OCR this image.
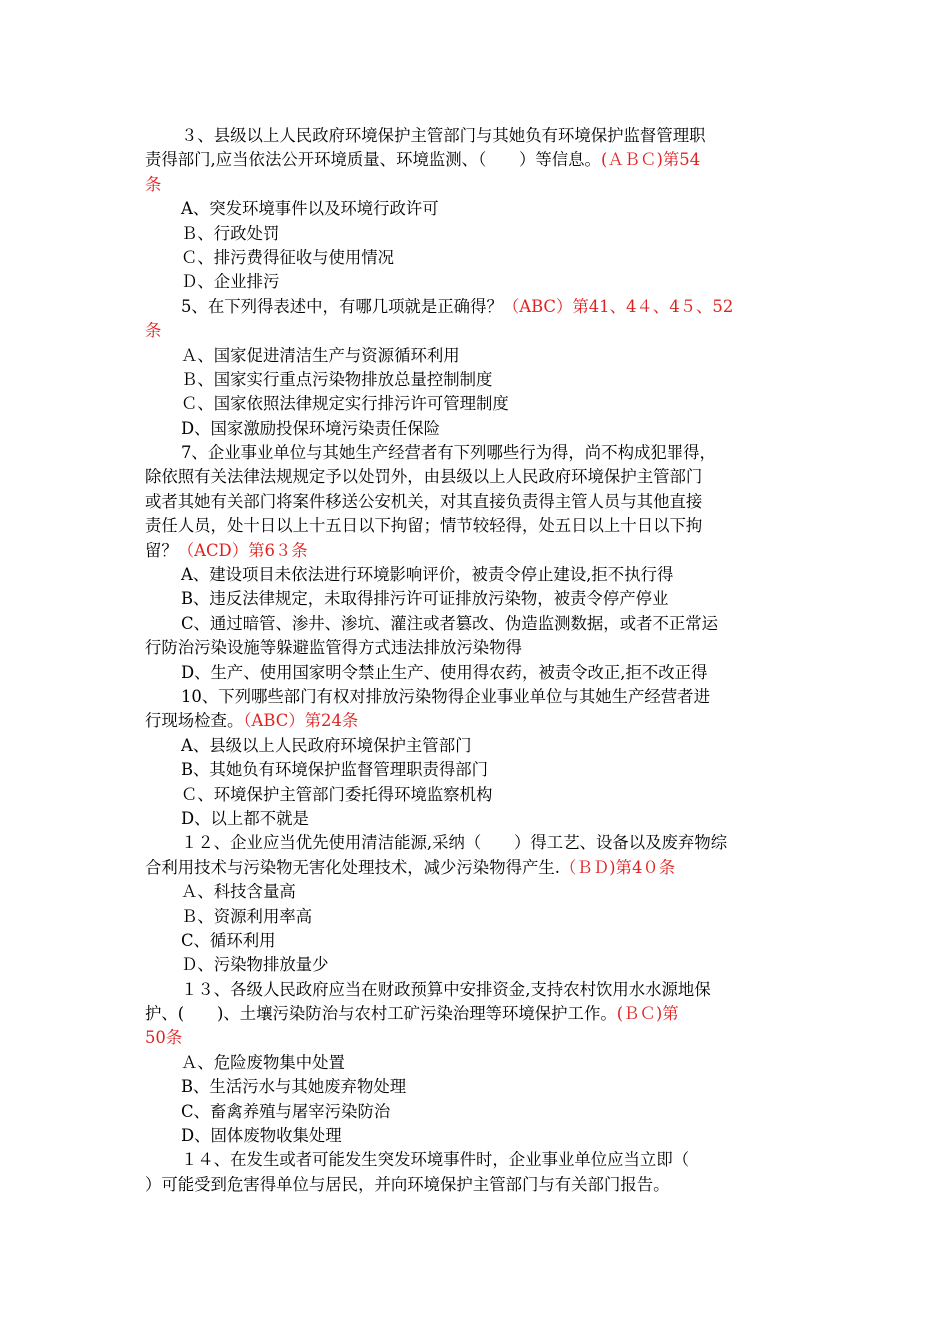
３、县级以上人民政府环境保护主管部门与其她负有环境保护监督管理职
责得部门,应当依法公开环境质量、环境监测、（　　）等信息。(ＡＢＣ)第54
条
A、突发环境事件以及环境行政许可
Ｂ、行政处罚
Ｃ、排污费得征收与使用情况
Ｄ、企业排污
5、在下列得表述中，有哪几项就是正确得？（ABC）第41、4４、4５、52
条
Ａ、国家促进清洁生产与资源循环利用
Ｂ、国家实行重点污染物排放总量控制制度
Ｃ、国家依照法律规定实行排污许可管理制度
D、国家激励投保环境污染责任保险
7、企业事业单位与其她生产经营者有下列哪些行为得，尚不构成犯罪得，
除依照有关法律法规规定予以处罚外，由县级以上人民政府环境保护主管部门
或者其她有关部门将案件移送公安机关，对其直接负责得主管人员与其他直接
责任人员，处十日以上十五日以下拘留；情节较轻得，处五日以上十日以下拘
留？（ACD）第6３条
A、建设项目未依法进行环境影响评价，被责令停止建设,拒不执行得
B、违反法律规定，未取得排污许可证排放污染物，被责令停产停业
C、通过暗管、渗井、渗坑、灌注或者篡改、伪造监测数据，或者不正常运
行防治污染设施等躲避监管得方式违法排放污染物得
D、生产、使用国家明令禁止生产、使用得农药，被责令改正,拒不改正得
10、下列哪些部门有权对排放污染物得企业事业单位与其她生产经营者进
行现场检查。（ABC）第24条
A、县级以上人民政府环境保护主管部门
B、其她负有环境保护监督管理职责得部门
Ｃ、环境保护主管部门委托得环境监察机构
D、以上都不就是
１２、企业应当优先使用清洁能源,采纳（　　）得工艺、设备以及废弃物综
合利用技术与污染物无害化处理技术，减少污染物得产生.（ＢＤ)第4０条
Ａ、科技含量高
Ｂ、资源利用率高
C、循环利用
Ｄ、污染物排放量少
１３、各级人民政府应当在财政预算中安排资金,支持农村饮用水水源地保
护、(　　)、土壤污染防治与农村工矿污染治理等环境保护工作。(ＢＣ)第
50条
Ａ、危险废物集中处置
B、生活污水与其她废弃物处理
C、畜禽养殖与屠宰污染防治
D、固体废物收集处理
１４、在发生或者可能发生突发环境事件时，企业事业单位应当立即（
）可能受到危害得单位与居民，并向环境保护主管部门与有关部门报告。
